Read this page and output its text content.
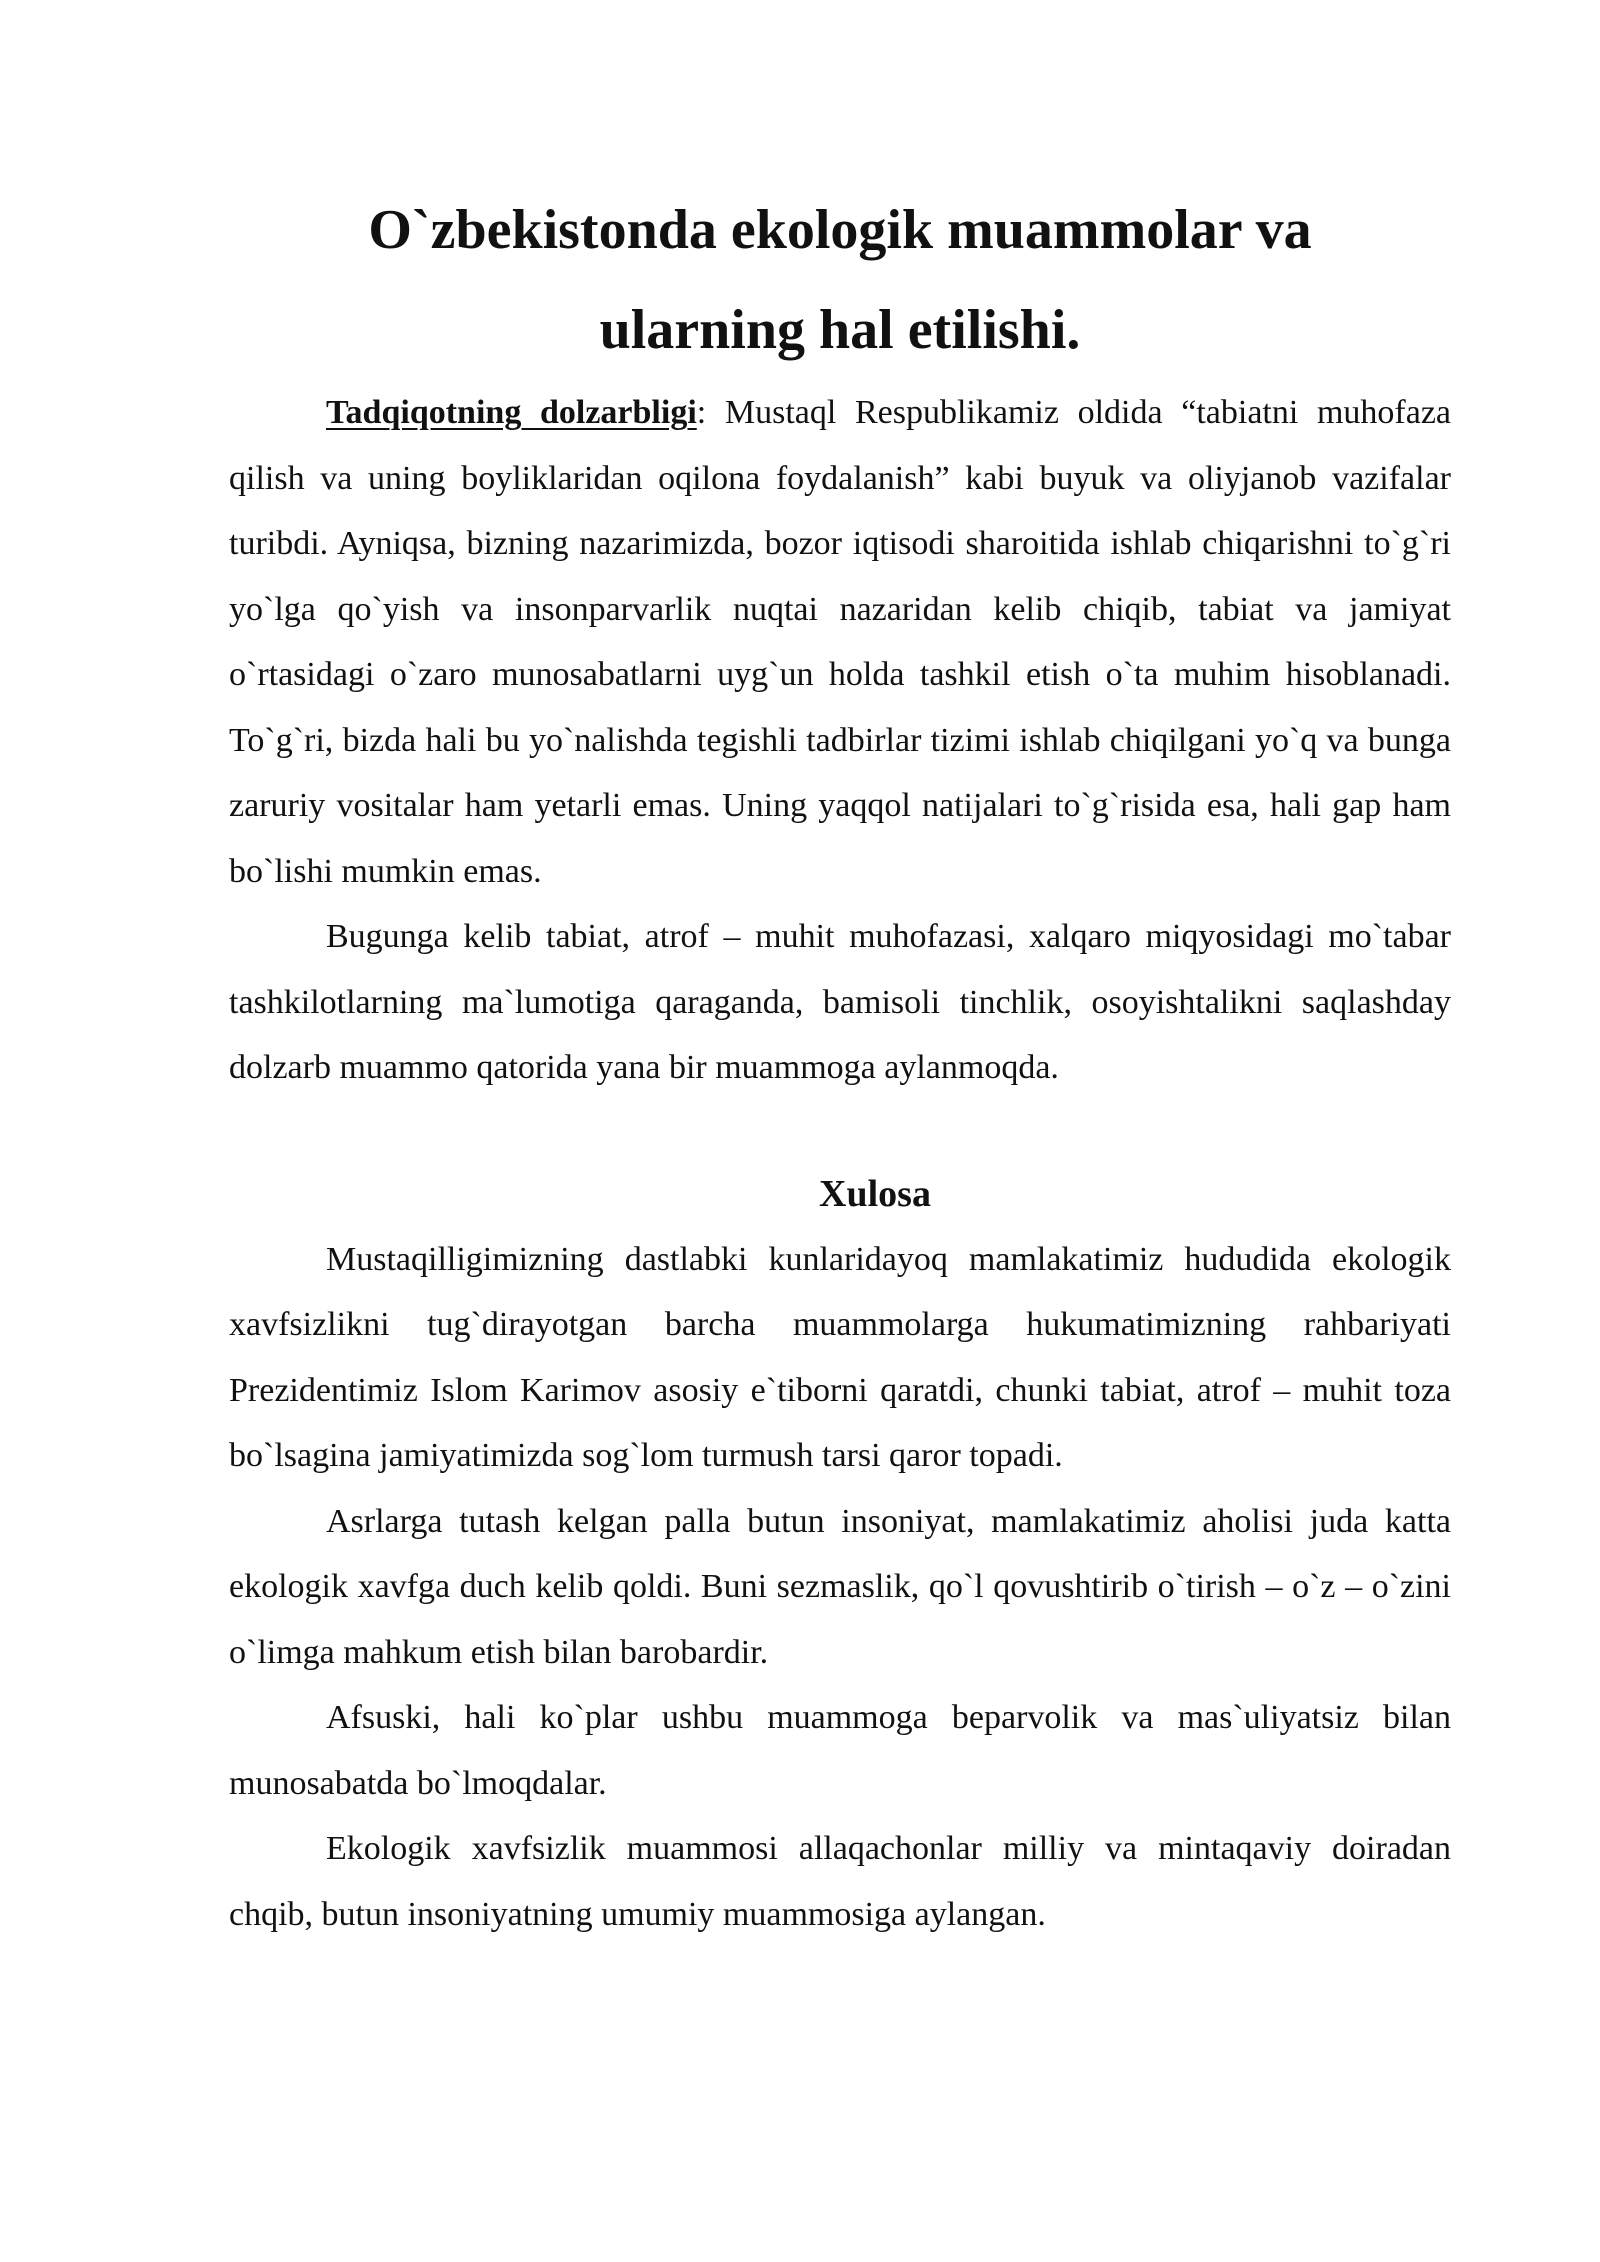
O`zbekistonda ekologik muammolar va
ularning hal etilishi.

Tadqiqotning dolzarbligi: Mustaql Respublikamiz oldida “tabiatni muhofaza qilish va uning boyliklaridan oqilona foydalanish” kabi buyuk va oliyjanob vazifalar turibdi. Ayniqsa, bizning nazarimizda, bozor iqtisodi sharoitida ishlab chiqarishni to`g`ri yo`lga qo`yish va insonparvarlik nuqtai nazaridan kelib chiqib, tabiat va jamiyat o`rtasidagi o`zaro munosabatlarni uyg`un holda tashkil etish o`ta muhim hisoblanadi. To`g`ri, bizda hali bu yo`nalishda tegishli tadbirlar tizimi ishlab chiqilgani yo`q va bunga zaruriy vositalar ham yetarli emas. Uning yaqqol natijalari to`g`risida esa, hali gap ham bo`lishi mumkin emas.

Bugunga kelib tabiat, atrof – muhit muhofazasi, xalqaro miqyosidagi mo`tabar tashkilotlarning ma`lumotiga qaraganda, bamisoli tinchlik, osoyishtalikni saqlashday dolzarb muammo qatorida yana bir muammoga aylanmoqda.

Xulosa

Mustaqilligimizning dastlabki kunlaridayoq mamlakatimiz hududida ekologik xavfsizlikni tug`dirayotgan barcha muammolarga hukumatimizning rahbariyati Prezidentimiz Islom Karimov asosiy e`tiborni qaratdi, chunki tabiat, atrof – muhit toza bo`lsagina jamiyatimizda sog`lom turmush tarsi qaror topadi.

Asrlarga tutash kelgan palla butun insoniyat, mamlakatimiz aholisi juda katta ekologik xavfga duch kelib qoldi. Buni sezmaslik, qo`l qovushtirib o`tirish – o`z – o`zini o`limga mahkum etish bilan barobardir.

Afsuski, hali ko`plar ushbu muammoga beparvolik va mas`uliyatsiz bilan munosabatda bo`lmoqdalar.

Ekologik xavfsizlik muammosi allaqachonlar milliy va mintaqaviy doiradan chqib, butun insoniyatning umumiy muammosiga aylangan.
